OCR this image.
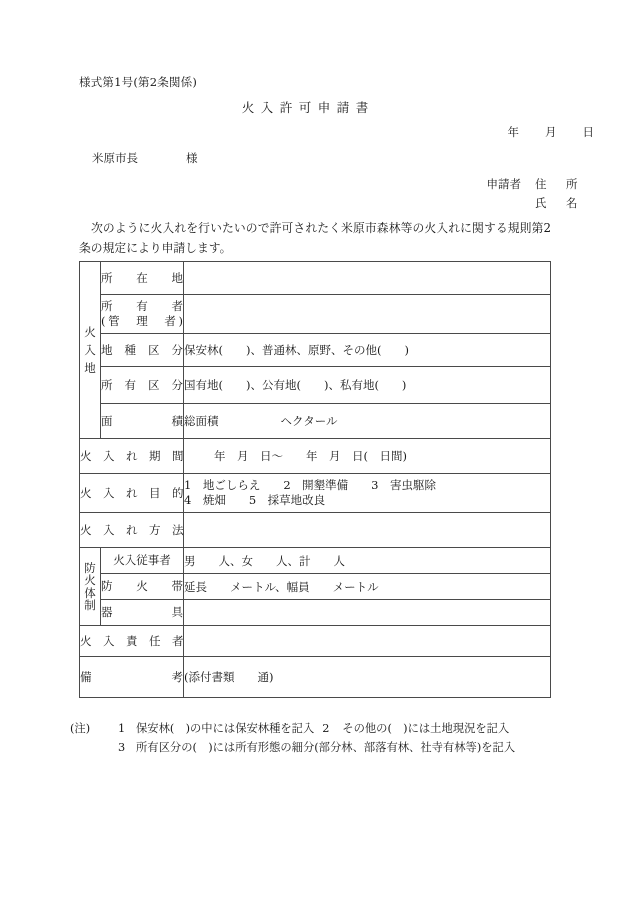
様式第1号(第2条関係)
火入許可申請書
年 月 日
米原市長	様
申請者 住　所
氏　名
次のように火入れを行いたいので許可されたく米原市森林等の火入れに関する規則第2条の規定により申請します。
火
入
地	所　在　地	

	所　有　者
(管　理　者)	

	地　種　区　分	保安林(　　)、普通林、原野、その他(　　)
	所　有　区　分	国有地(　　)、公有地(　　)、私有地(　　)
	面　　　積	総面積 ヘクタール
火　入　れ　期　間		年　月　日〜　　年　月　日(　日間)
火　入　れ　目　的		1　地ごしらえ　　2　開墾準備　　3　害虫駆除
4　焼畑　　5　採草地改良

火　入　れ　方　法		

防
火
体
制	火入従事者	男　　人、女　　人、計　　人
	防　火　帯	延長　　メートル、幅員　　メートル
	器　　具	
火　入　責　任　者		
備　　　考		(添付書類　　通)
(注) 1 保安林(　)の中には保安林種を記入 2 その他の(　)には土地現況を記入
3 所有区分の(　)には所有形態の細分(部分林、部落有林、社寺有林等)を記入
